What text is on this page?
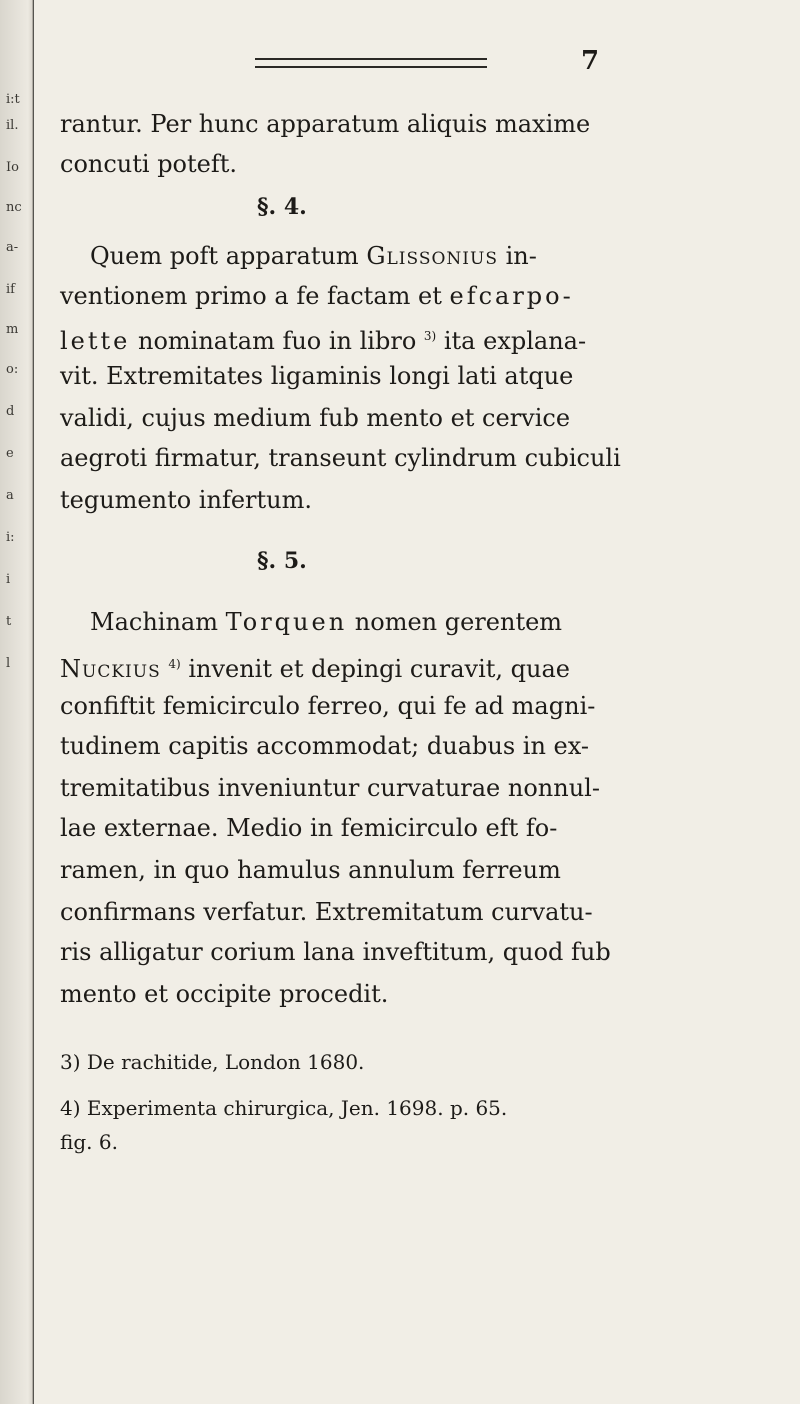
i:t
il.
Io
nc
a-
if
m
o:
d
e
a
i:
i
t
l
7
rantur. Per hunc apparatum aliquis maxime
concuti poteft.
§. 4.
Quem poft apparatum Glissonius in-
ventionem primo a fe factam et efcarpo-
lette nominatam fuo in libro $^{3)}$ ita explana-
vit. Extremitates ligaminis longi lati atque
validi, cujus medium fub mento et cervice
aegroti firmatur, transeunt cylindrum cubiculi
tegumento infertum.
§. 5.
Machinam Torquen nomen gerentem
Nuckius $^{4)}$ invenit et depingi curavit, quae
confiftit femicirculo ferreo, qui fe ad magni-
tudinem capitis accommodat; duabus in ex-
tremitatibus inveniuntur curvaturae nonnul-
lae externae. Medio in femicirculo eft fo-
ramen, in quo hamulus annulum ferreum
confirmans verfatur. Extremitatum curvatu-
ris alligatur corium lana inveftitum, quod fub
mento et occipite procedit.
3) De rachitide, London 1680.
4) Experimenta chirurgica, Jen. 1698. p. 65.
fig. 6.
